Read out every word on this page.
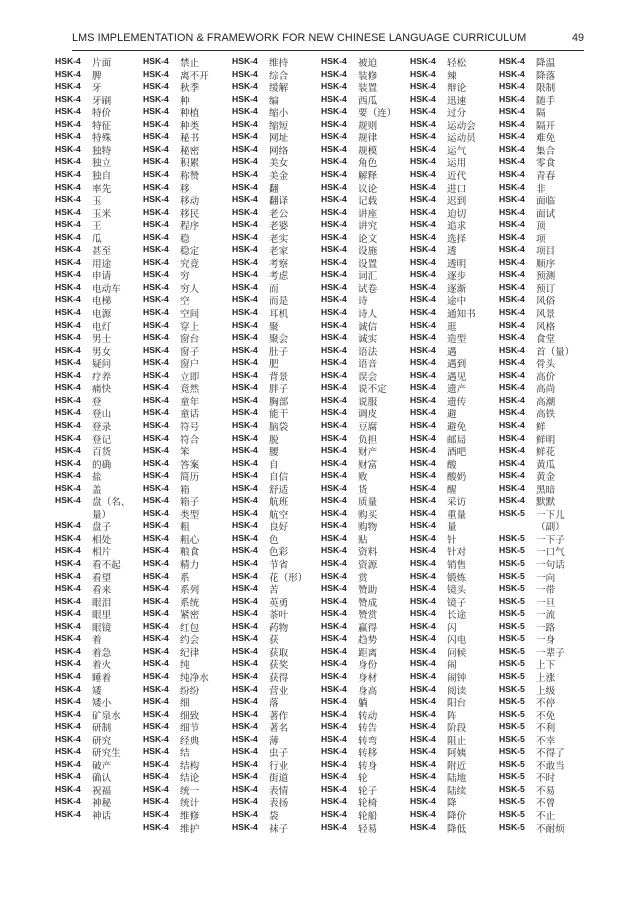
LMS IMPLEMENTATION & FRAMEWORK FOR NEW CHINESE LANGUAGE CURRICULUM	49
HSK-4 片面
HSK-4 脾
HSK-4 牙
HSK-4 牙刷
HSK-4 特价
HSK-4 特征
HSK-4 特殊
HSK-4 独特
HSK-4 独立
HSK-4 独自
HSK-4 率先
HSK-4 玉
HSK-4 玉米
HSK-4 王
HSK-4 瓜
HSK-4 甚至
HSK-4 用途
HSK-4 申请
HSK-4 电动车
HSK-4 电梯
HSK-4 电源
HSK-4 电灯
HSK-4 男士
HSK-4 男女
HSK-4 疑问
HSK-4 疗养
HSK-4 痛快
HSK-4 登
HSK-4 登山
HSK-4 登录
HSK-4 登记
HSK-4 百货
HSK-4 的确
HSK-4 盐
HSK-4 盖
HSK-4 盘（名、
量）
HSK-4 盘子
HSK-4 相处
HSK-4 相片
HSK-4 看不起
HSK-4 看望
HSK-4 看来
HSK-4 眼泪
HSK-4 眼里
HSK-4 眼镜
HSK-4 着
HSK-4 着急
HSK-4 着火
HSK-4 睡着
HSK-4 矮
HSK-4 矮小
HSK-4 矿泉水
HSK-4 研制
HSK-4 研究
HSK-4 研究生
HSK-4 破产
HSK-4 确认
HSK-4 祝福
HSK-4 神秘
HSK-4 神话
HSK-4 禁止
HSK-4 离不开
HSK-4 秋季
HSK-4 种
HSK-4 种植
HSK-4 种类
HSK-4 秘书
HSK-4 秘密
HSK-4 积累
HSK-4 称赞
HSK-4 移
HSK-4 移动
HSK-4 移民
HSK-4 程序
HSK-4 稳
HSK-4 稳定
HSK-4 究竟
HSK-4 穷
HSK-4 穷人
HSK-4 空
HSK-4 空间
HSK-4 穿上
HSK-4 窗台
HSK-4 窗子
HSK-4 窗户
HSK-4 立即
HSK-4 竟然
HSK-4 童年
HSK-4 童话
HSK-4 符号
HSK-4 符合
HSK-4 笨
HSK-4 答案
HSK-4 简历
HSK-4 箱
HSK-4 箱子
HSK-4 类型
HSK-4 粗
HSK-4 粗心
HSK-4 粮食
HSK-4 精力
HSK-4 系
HSK-4 系列
HSK-4 系统
HSK-4 紧密
HSK-4 红包
HSK-4 约会
HSK-4 纪律
HSK-4 纯
HSK-4 纯净水
HSK-4 纷纷
HSK-4 细
HSK-4 细致
HSK-4 细节
HSK-4 经典
HSK-4 结
HSK-4 结构
HSK-4 结论
HSK-4 统一
HSK-4 统计
HSK-4 维修
HSK-4 维护
HSK-4 维持
HSK-4 综合
HSK-4 缓解
HSK-4 编
HSK-4 缩小
HSK-4 缩短
HSK-4 网址
HSK-4 网络
HSK-4 美女
HSK-4 美金
HSK-4 翻
HSK-4 翻译
HSK-4 老公
HSK-4 老婆
HSK-4 老实
HSK-4 老家
HSK-4 考察
HSK-4 考虑
HSK-4 而
HSK-4 而是
HSK-4 耳机
HSK-4 聚
HSK-4 聚会
HSK-4 肚子
HSK-4 肥
HSK-4 背景
HSK-4 胖子
HSK-4 胸部
HSK-4 能干
HSK-4 脑袋
HSK-4 脱
HSK-4 腰
HSK-4 自
HSK-4 自信
HSK-4 舒适
HSK-4 航班
HSK-4 航空
HSK-4 良好
HSK-4 色
HSK-4 色彩
HSK-4 节省
HSK-4 花（形）
HSK-4 苦
HSK-4 英勇
HSK-4 茶叶
HSK-4 药物
HSK-4 获
HSK-4 获取
HSK-4 获奖
HSK-4 获得
HSK-4 营业
HSK-4 落
HSK-4 著作
HSK-4 著名
HSK-4 薄
HSK-4 虫子
HSK-4 行业
HSK-4 街道
HSK-4 表情
HSK-4 表扬
HSK-4 袋
HSK-4 袜子
HSK-4 被迫
HSK-4 装修
HSK-4 装置
HSK-4 西瓜
HSK-4 要（连）
HSK-4 规则
HSK-4 规律
HSK-4 规模
HSK-4 角色
HSK-4 解释
HSK-4 议论
HSK-4 记载
HSK-4 讲座
HSK-4 讲究
HSK-4 论文
HSK-4 设施
HSK-4 设置
HSK-4 词汇
HSK-4 试卷
HSK-4 诗
HSK-4 诗人
HSK-4 诚信
HSK-4 诚实
HSK-4 语法
HSK-4 语音
HSK-4 误会
HSK-4 说不定
HSK-4 说服
HSK-4 调皮
HSK-4 豆腐
HSK-4 负担
HSK-4 财产
HSK-4 财富
HSK-4 败
HSK-4 货
HSK-4 质量
HSK-4 购买
HSK-4 购物
HSK-4 贴
HSK-4 资料
HSK-4 资源
HSK-4 赏
HSK-4 赞助
HSK-4 赞成
HSK-4 赞赏
HSK-4 赢得
HSK-4 趋势
HSK-4 距离
HSK-4 身份
HSK-4 身材
HSK-4 身高
HSK-4 躺
HSK-4 转动
HSK-4 转告
HSK-4 转弯
HSK-4 转移
HSK-4 转身
HSK-4 轮
HSK-4 轮子
HSK-4 轮椅
HSK-4 轮船
HSK-4 轻易
HSK-4 轻松
HSK-4 辣
HSK-4 辩论
HSK-4 迅速
HSK-4 过分
HSK-4 运动会
HSK-4 运动员
HSK-4 运气
HSK-4 运用
HSK-4 近代
HSK-4 进口
HSK-4 迟到
HSK-4 迫切
HSK-4 追求
HSK-4 选择
HSK-4 透
HSK-4 透明
HSK-4 逐步
HSK-4 逐渐
HSK-4 途中
HSK-4 通知书
HSK-4 逛
HSK-4 造型
HSK-4 遇
HSK-4 遇到
HSK-4 遇见
HSK-4 遗产
HSK-4 遗传
HSK-4 避
HSK-4 避免
HSK-4 邮局
HSK-4 酒吧
HSK-4 酸
HSK-4 酸奶
HSK-4 醒
HSK-4 采访
HSK-4 重量
HSK-4 量
HSK-4 针
HSK-4 针对
HSK-4 销售
HSK-4 锻炼
HSK-4 镜头
HSK-4 镜子
HSK-4 长途
HSK-4 闪
HSK-4 闪电
HSK-4 问候
HSK-4 闹
HSK-4 闹钟
HSK-4 阅读
HSK-4 阳台
HSK-4 阵
HSK-4 阶段
HSK-4 阻止
HSK-4 阿姨
HSK-4 附近
HSK-4 陆地
HSK-4 陆续
HSK-4 降
HSK-4 降价
HSK-4 降低
HSK-4 降温
HSK-4 降落
HSK-4 限制
HSK-4 随手
HSK-4 隔
HSK-4 隔开
HSK-4 难免
HSK-4 集合
HSK-4 零食
HSK-4 青春
HSK-4 非
HSK-4 面临
HSK-4 面试
HSK-4 顶
HSK-4 项
HSK-4 项目
HSK-4 顺序
HSK-4 预测
HSK-4 预订
HSK-4 风俗
HSK-4 风景
HSK-4 风格
HSK-4 食堂
HSK-4 首（量）
HSK-4 骨头
HSK-4 高价
HSK-4 高尚
HSK-4 高潮
HSK-4 高铁
HSK-4 鲜
HSK-4 鲜明
HSK-4 鲜花
HSK-4 黄瓜
HSK-4 黄金
HSK-4 黑暗
HSK-4 默默
HSK-5 一下儿
（副）
HSK-5 一下子
HSK-5 一口气
HSK-5 一句话
HSK-5 一向
HSK-5 一带
HSK-5 一旦
HSK-5 一流
HSK-5 一路
HSK-5 一身
HSK-5 一辈子
HSK-5 上下
HSK-5 上涨
HSK-5 上级
HSK-5 不停
HSK-5 不免
HSK-5 不利
HSK-5 不幸
HSK-5 不得了
HSK-5 不敢当
HSK-5 不时
HSK-5 不易
HSK-5 不曾
HSK-5 不止
HSK-5 不耐烦
